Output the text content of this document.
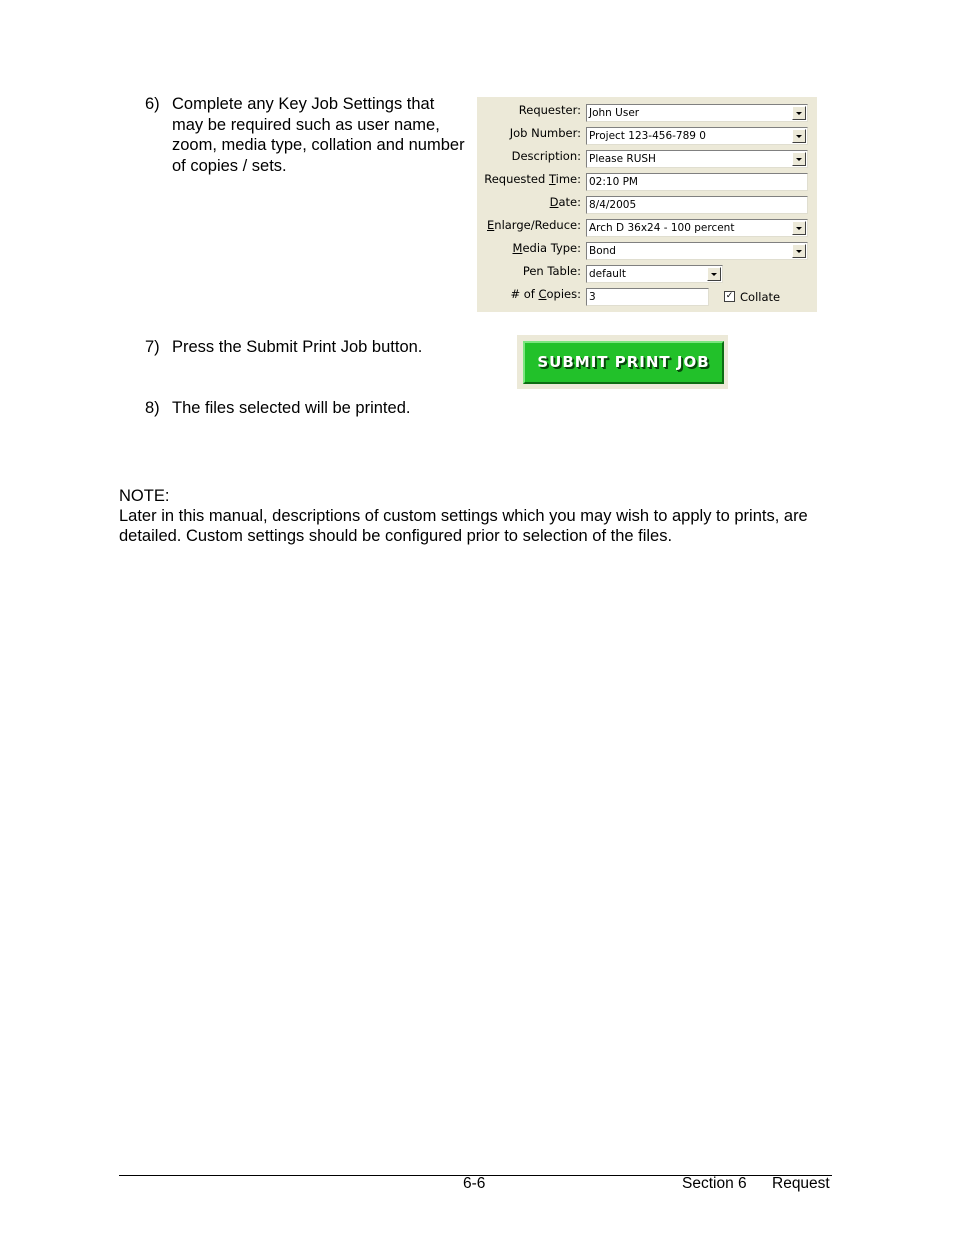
6) Complete any Key Job Settings that may be required such as user name, zoom, media type, collation and number of copies / sets.
Requester: John User
Job Number: Project 123-456-789 0
Description: Please RUSH
Requested Time: 02:10 PM
Date: 8/4/2005
Enlarge/Reduce: Arch D 36x24 - 100 percent
Media Type: Bond
Pen Table: default
# of Copies: 3	✓ Collate
7) Press the Submit Print Job button.
SUBMIT PRINT JOB
8) The files selected will be printed.
NOTE:
Later in this manual, descriptions of custom settings which you may wish to apply to prints, are detailed. Custom settings should be configured prior to selection of the files.
6-6	Section 6 Request
